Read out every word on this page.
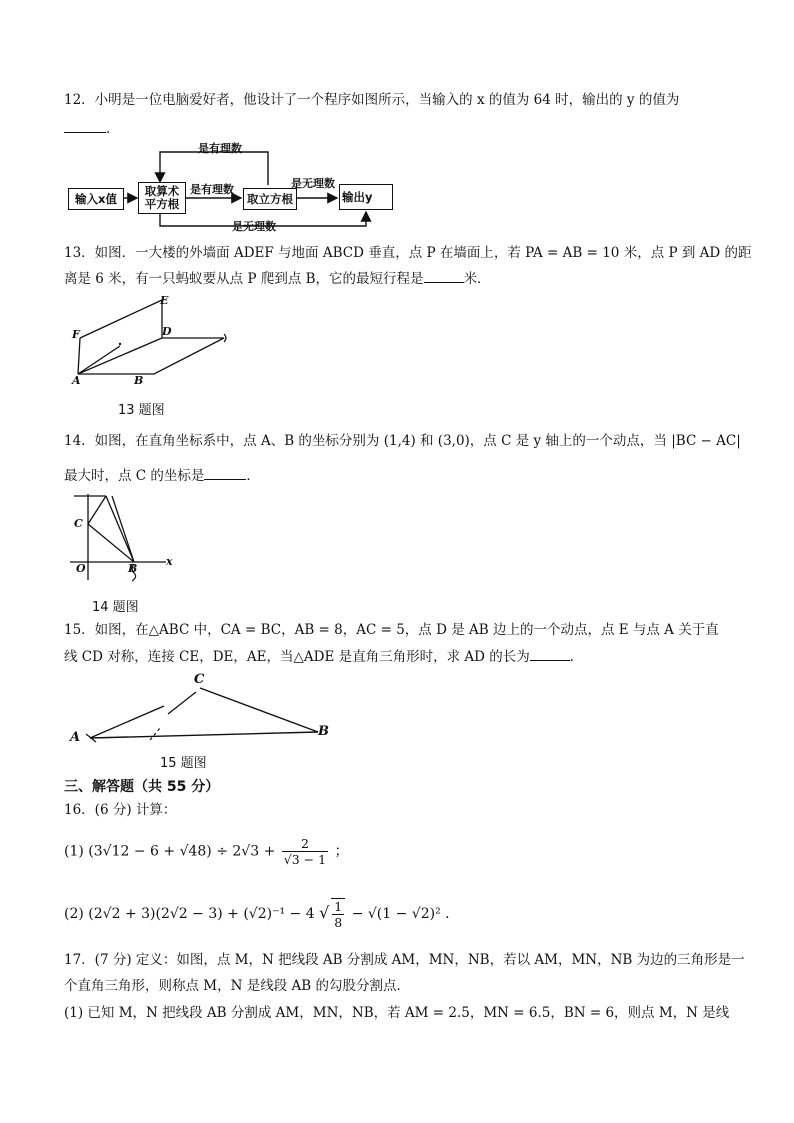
12．小明是一位电脑爱好者，他设计了一个程序如图所示，当输入的 x 的值为 64 时，输出的 y 的值为
．
输入x值
取算术
平方根	取立方根	输出y
是有理数
是有理数	是无理数
是无理数
13．如图．一大楼的外墙面 ADEF 与地面 ABCD 垂直，点 P 在墙面上，若 PA = AB = 10 米，点 P 到 AD 的距
离是 6 米，有一只蚂蚁要从点 P 爬到点 B，它的最短行程是	米．
E
F	D
A	B
13 题图
14．如图，在直角坐标系中，点 A、B 的坐标分别为 (1,4) 和 (3,0)，点 C 是 y 轴上的一个动点，当 |BC − AC|
最大时，点 C 的坐标是	．
C
O	B
x
14 题图
15．如图，在△ABC 中，CA = BC，AB = 8，AC = 5，点 D 是 AB 边上的一个动点，点 E 与点 A 关于直
线 CD 对称，连接 CE，DE，AE，当△ADE 是直角三角形时，求 AD 的长为	．
A
C
B
15 题图
三、解答题（共 55 分）
16．(6 分) 计算：
(1) $(3√12 - 6 + √48) \div 2√3 + \frac{2}{√3 - 1}$ ；
(2) (2√2 + 3)(2√2 − 3) + (√2)⁻¹ − 4 √ $\frac{1}{8} - √(1 - √2)^2$ ．
17．(7 分) 定义：如图，点 M，N 把线段 AB 分割成 AM，MN，NB，若以 AM，MN，NB 为边的三角形是一
个直角三角形，则称点 M，N 是线段 AB 的勾股分割点．
(1) 已知 M，N 把线段 AB 分割成 AM，MN，NB，若 AM = 2.5，MN = 6.5，BN = 6，则点 M，N 是线
